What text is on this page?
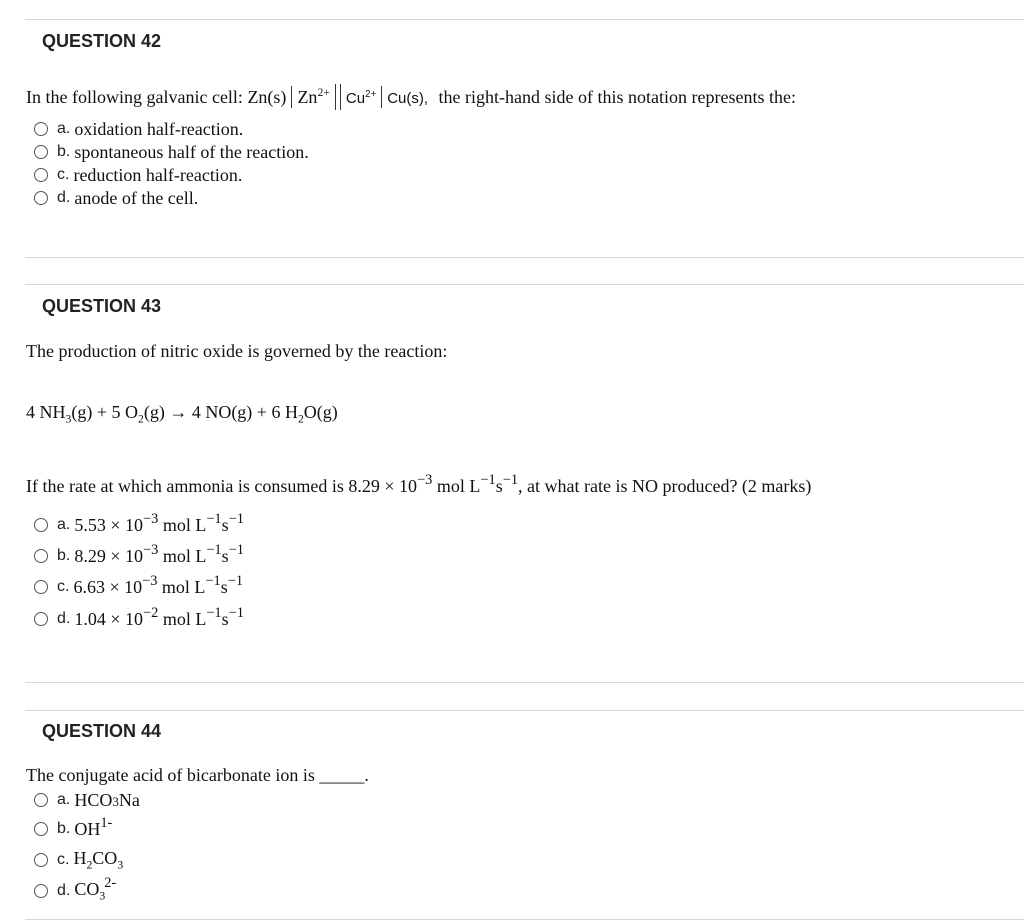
QUESTION 42
In the following galvanic cell: Zn(s) $Zn^{2+}$ $Cu^{2+}$ Cu(s), the right-hand side of this notation represents the:
a. oxidation half-reaction.
b. spontaneous half of the reaction.
c. reduction half-reaction.
d. anode of the cell.
QUESTION 43
The production of nitric oxide is governed by the reaction:
4 $NH_3(g) + 5$ $O_2(g) \to 4$ NO(g) + 6 $H_2O(g)$
If the rate at which ammonia is consumed is $8.29 \times 10^{-3}$ mol $L^{-1}s^{-1}$, at what rate is NO produced? (2 marks)
a. $5.53 \times 10^{-3}$ mol $L^{-1}s^{-1}$
b. $8.29 \times 10^{-3}$ mol $L^{-1}s^{-1}$
c. $6.63 \times 10^{-3}$ mol $L^{-1}s^{-1}$
d. $1.04 \times 10^{-2}$ mol $L^{-1}s^{-1}$
QUESTION 44
The conjugate acid of bicarbonate ion is _____.
a. HCO3Na
b. $OH^{1-}$
c. $H_2CO_3$
d. $CO_3^{2-}$
